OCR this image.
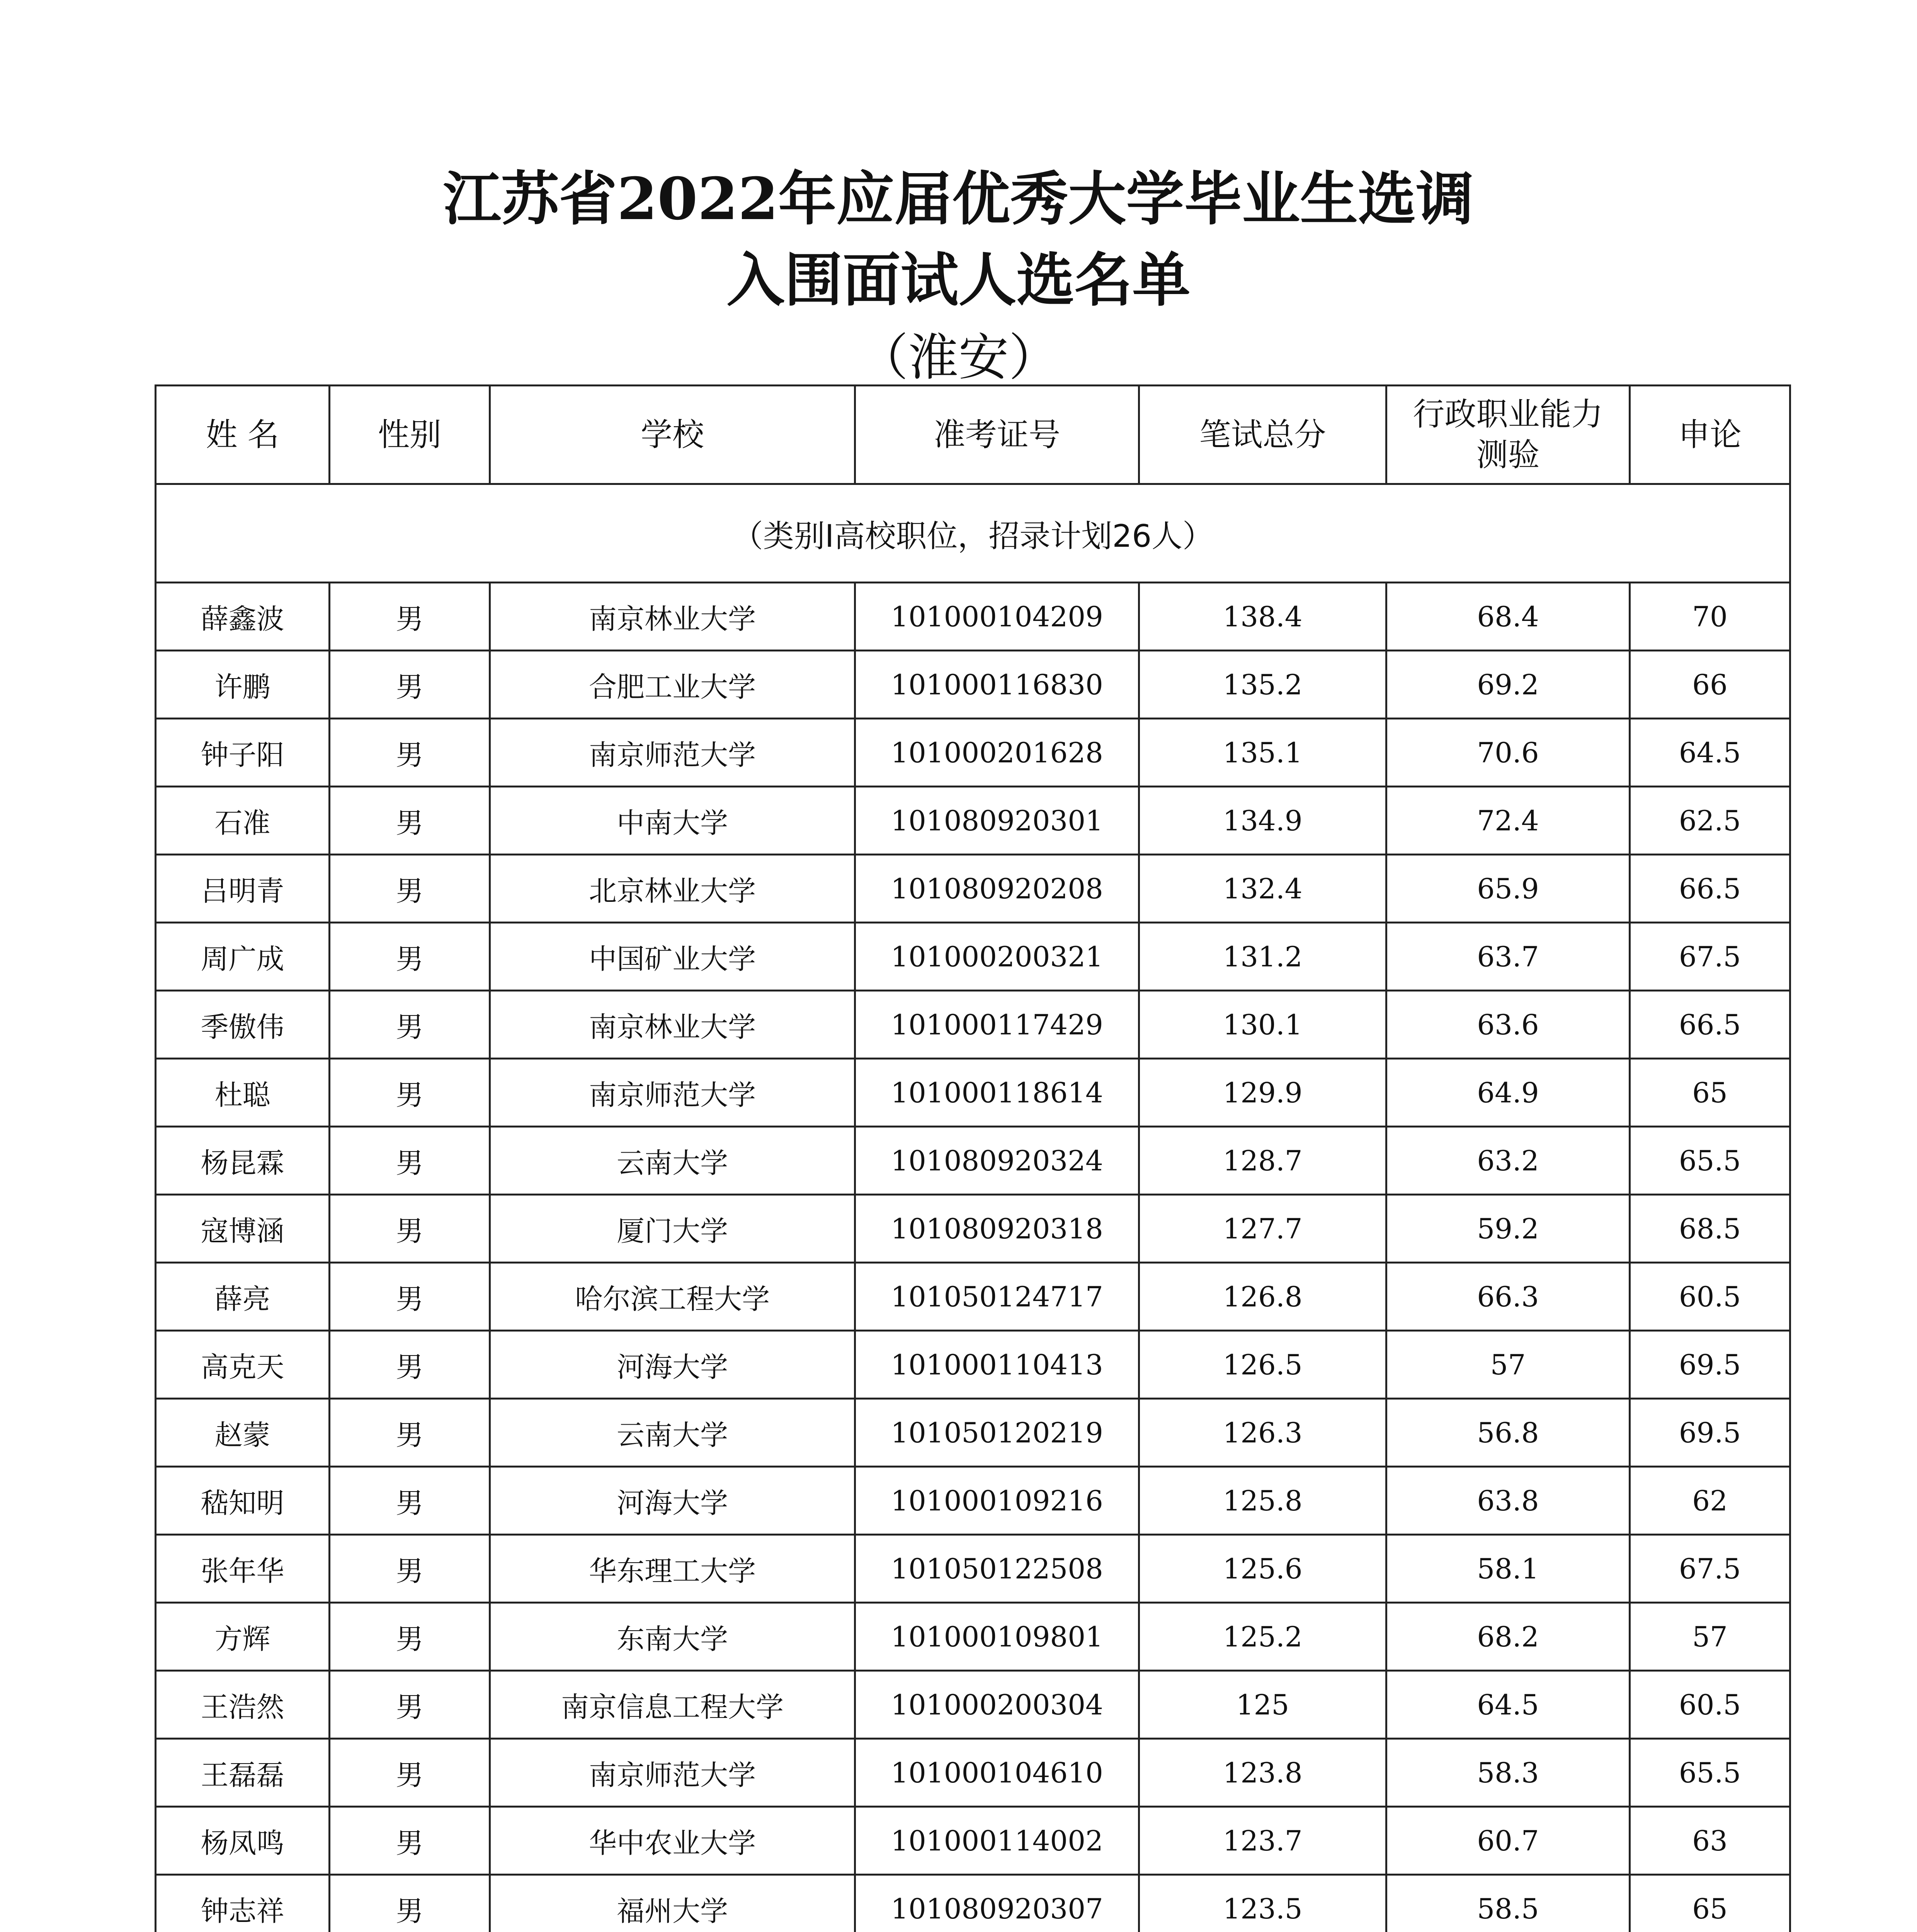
江苏省2022年应届优秀大学毕业生选调

入围面试人选名单

（淮安）

姓 名	性别	学校	准考证号	笔试总分	行政职业能力测验	申论
（类别I高校职位，招录计划26人）						
薛鑫波	男	南京林业大学	101000104209	138.4	68.4	70
许鹏	男	合肥工业大学	101000116830	135.2	69.2	66
钟子阳	男	南京师范大学	101000201628	135.1	70.6	64.5
石准	男	中南大学	101080920301	134.9	72.4	62.5
吕明青	男	北京林业大学	101080920208	132.4	65.9	66.5
周广成	男	中国矿业大学	101000200321	131.2	63.7	67.5
季傲伟	男	南京林业大学	101000117429	130.1	63.6	66.5
杜聪	男	南京师范大学	101000118614	129.9	64.9	65
杨昆霖	男	云南大学	101080920324	128.7	63.2	65.5
寇博涵	男	厦门大学	101080920318	127.7	59.2	68.5
薛亮	男	哈尔滨工程大学	101050124717	126.8	66.3	60.5
高克天	男	河海大学	101000110413	126.5	57	69.5
赵蒙	男	云南大学	101050120219	126.3	56.8	69.5
嵇知明	男	河海大学	101000109216	125.8	63.8	62
张年华	男	华东理工大学	101050122508	125.6	58.1	67.5
方辉	男	东南大学	101000109801	125.2	68.2	57
王浩然	男	南京信息工程大学	101000200304	125	64.5	60.5
王磊磊	男	南京师范大学	101000104610	123.8	58.3	65.5
杨凤鸣	男	华中农业大学	101000114002	123.7	60.7	63
钟志祥	男	福州大学	101080920307	123.5	58.5	65
